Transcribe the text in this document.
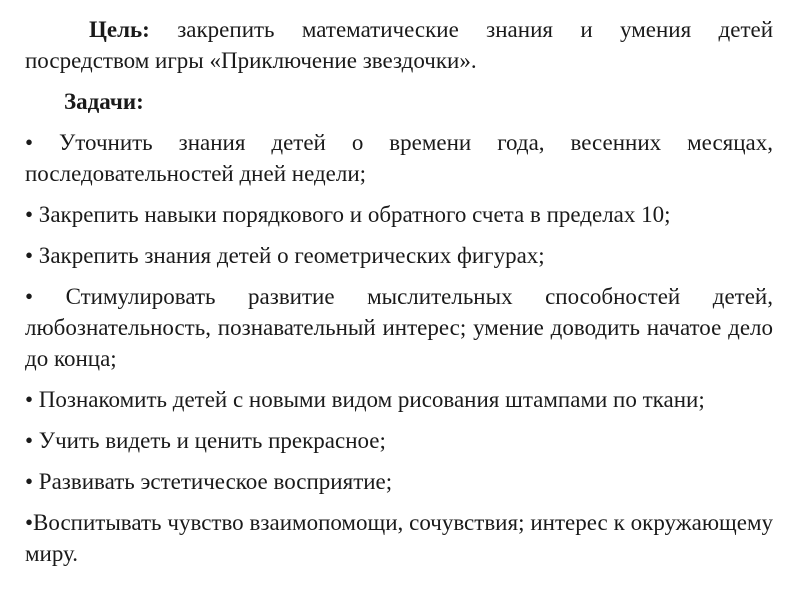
Цель: закрепить математические знания и умения детей посредством игры «Приключение звездочки».

Задачи:
• Уточнить знания детей о времени года, весенних месяцах, последовательностей дней недели;
• Закрепить навыки порядкового и обратного счета в пределах 10;
• Закрепить знания детей о геометрических фигурах;
• Стимулировать развитие мыслительных способностей детей, любознательность, познавательный интерес; умение доводить начатое дело до конца;
• Познакомить детей с новыми видом рисования штампами по ткани;
• Учить видеть и ценить прекрасное;
• Развивать эстетическое восприятие;
•Воспитывать чувство взаимопомощи, сочувствия; интерес к окружающему миру.
